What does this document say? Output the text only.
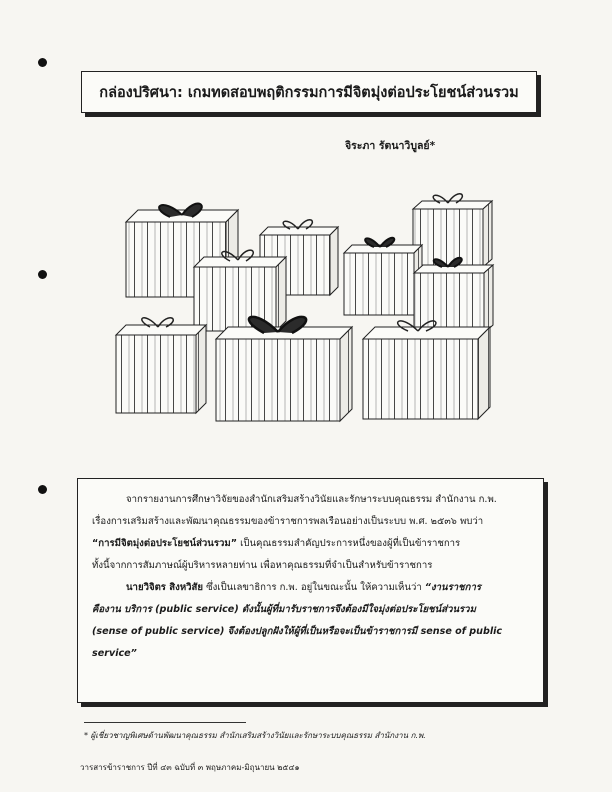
กล่องปริศนา: เกมทดสอบพฤติกรรมการมีจิตมุ่งต่อประโยชน์ส่วนรวม
จิระภา รัตนาวิบูลย์*
จากรายงานการศึกษาวิจัยของสำนักเสริมสร้างวินัยและรักษาระบบคุณธรรม สำนักงาน ก.พ.
เรื่องการเสริมสร้างและพัฒนาคุณธรรมของข้าราชการพลเรือนอย่างเป็นระบบ พ.ศ. ๒๕๓๖ พบว่า
“การมีจิตมุ่งต่อประโยชน์ส่วนรวม” เป็นคุณธรรมสำคัญประการหนึ่งของผู้ที่เป็นข้าราชการ
ทั้งนี้จากการสัมภาษณ์ผู้บริหารหลายท่าน เพื่อหาคุณธรรมที่จำเป็นสำหรับข้าราชการ
นายวิจิตร สิงหวิสัย ซึ่งเป็นเลขาธิการ ก.พ. อยู่ในขณะนั้น ให้ความเห็นว่า “งานราชการ
คืองาน บริการ (public service) ดังนั้นผู้ที่มารับราชการจึงต้องมีใจมุ่งต่อประโยชน์ส่วนรวม
(sense of public service) จึงต้องปลูกฝังให้ผู้ที่เป็นหรือจะเป็นข้าราชการมี sense of public
service”
* ผู้เชี่ยวชาญพิเศษด้านพัฒนาคุณธรรม สำนักเสริมสร้างวินัยและรักษาระบบคุณธรรม สำนักงาน ก.พ.
วารสารข้าราชการ ปีที่ ๔๓ ฉบับที่ ๓ พฤษภาคม-มิถุนายน ๒๕๔๑
